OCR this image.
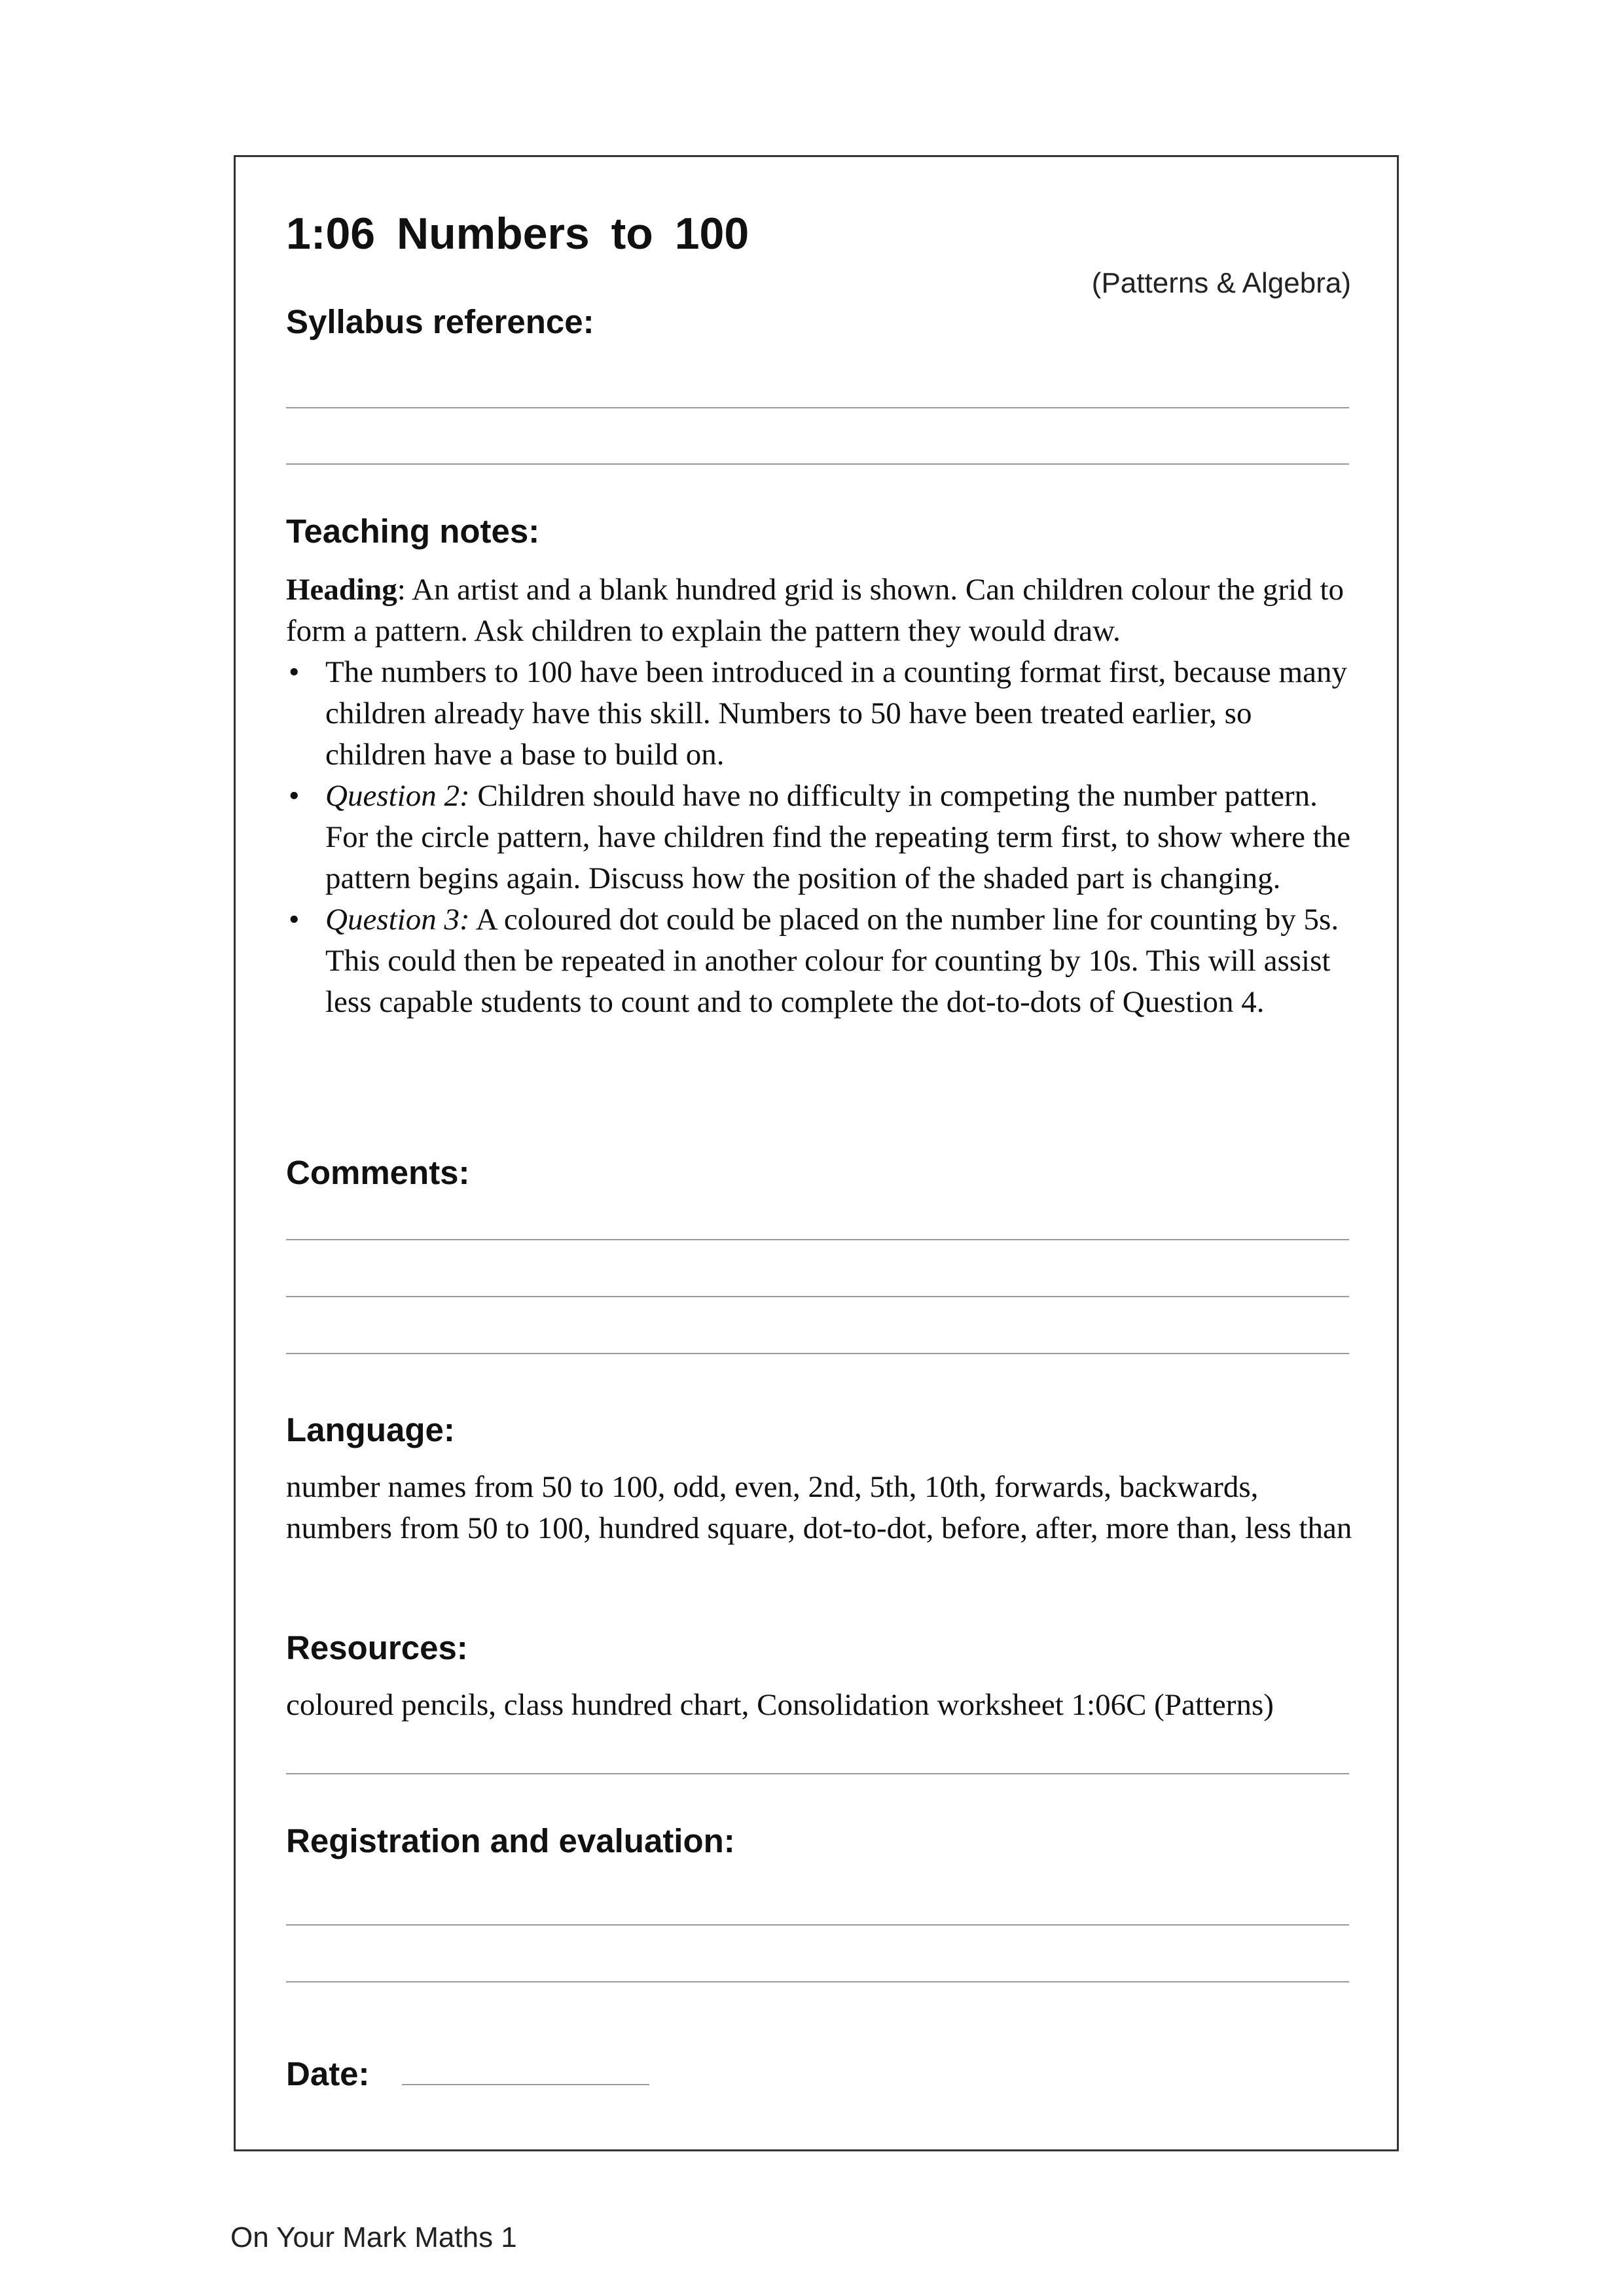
1:06 Numbers to 100
(Patterns & Algebra)
Syllabus reference:
Teaching notes:
Heading: An artist and a blank hundred grid is shown. Can children colour the grid to form a pattern. Ask children to explain the pattern they would draw.
• The numbers to 100 have been introduced in a counting format first, because many children already have this skill. Numbers to 50 have been treated earlier, so children have a base to build on.
• Question 2: Children should have no difficulty in competing the number pattern. For the circle pattern, have children find the repeating term first, to show where the pattern begins again. Discuss how the position of the shaded part is changing.
• Question 3: A coloured dot could be placed on the number line for counting by 5s. This could then be repeated in another colour for counting by 10s. This will assist less capable students to count and to complete the dot-to-dots of Question 4.
Comments:
Language:
number names from 50 to 100, odd, even, 2nd, 5th, 10th, forwards, backwards, numbers from 50 to 100, hundred square, dot-to-dot, before, after, more than, less than
Resources:
coloured pencils, class hundred chart, Consolidation worksheet 1:06C (Patterns)
Registration and evaluation:
Date:
On Your Mark Maths 1
